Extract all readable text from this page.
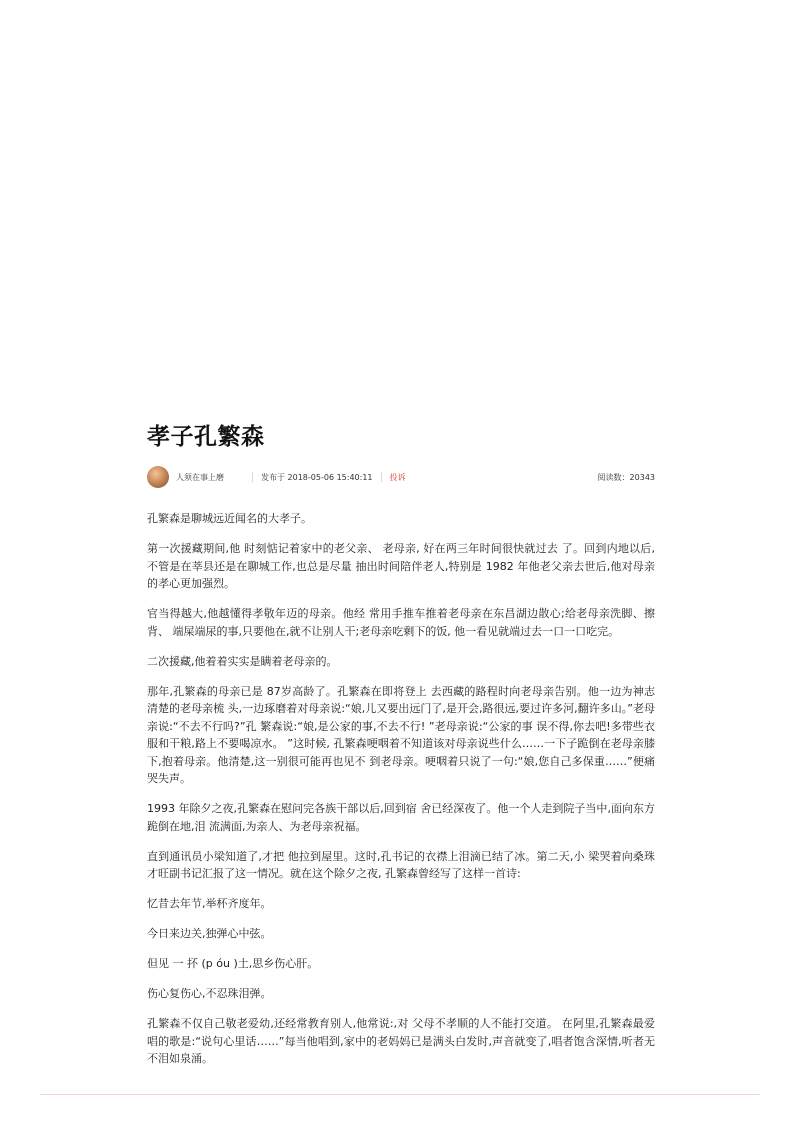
孝子孔繁森
人须在事上磨	发布于 2018-05-06 15:40:11 投诉	阅读数：20343

孔繁森是聊城远近闻名的大孝子。

第一次援藏期间,他 时刻惦记着家中的老父亲、 老母亲, 好在两三年时间很快就过去 了。回到内地以后,不管是在莘县还是在聊城工作,也总是尽量 抽出时间陪伴老人,特别是 1982 年他老父亲去世后,他对母亲 的孝心更加强烈。

官当得越大,他越懂得孝敬年迈的母亲。他经 常用手推车推着老母亲在东昌湖边散心;给老母亲洗脚、擦背、 端屎端尿的事,只要他在,就不让别人干;老母亲吃剩下的饭, 他一看见就端过去一口一口吃完。

二次援藏,他着着实实是瞒着老母亲的。

那年,孔繁森的母亲已是 87岁高龄了。孔繁森在即将登上 去西藏的路程时向老母亲告别。他一边为神志清楚的老母亲梳 头,一边琢磨着对母亲说:“娘,儿又要出远门了,是开会,路很远,要过许多河,翻许多山。”老母亲说:“不去不行吗?”孔 繁森说:“娘,是公家的事,不去不行! ”老母亲说:“公家的事 误不得,你去吧!多带些衣服和干粮,路上不要喝凉水。 ”这时候, 孔繁森哽咽着不知道该对母亲说些什么……一下子跪倒在老母亲膝下,抱着母亲。他清楚,这一别很可能再也见不 到老母亲。哽咽着只说了一句:“娘,您自己多保重……”便痛 哭失声。

1993 年除夕之夜,孔繁森在慰问完各族干部以后,回到宿 舍已经深夜了。他一个人走到院子当中,面向东方跪倒在地,泪 流满面,为亲人、为老母亲祝福。

直到通讯员小梁知道了,才把 他拉到屋里。这时,孔书记的衣襟上泪滴已结了冰。第二天,小 梁哭着向桑珠才旺副书记汇报了这一情况。就在这个除夕之夜, 孔繁森曾经写了这样一首诗:

忆昔去年节,举杯齐度年。

今日来边关,独弹心中弦。

但见 一 抔 (p óu )土,思乡伤心肝。

伤心复伤心,不忍珠泪弹。

孔繁森不仅自己敬老爱幼,还经常教育别人,他常说:,对 父母不孝顺的人不能打交道。 在阿里,孔繁森最爱唱的歌是:“说句心里话……”每当他唱到,家中的老妈妈已是满头白发时,声音就变了,唱者饱含深情,听者无不泪如泉涌。
